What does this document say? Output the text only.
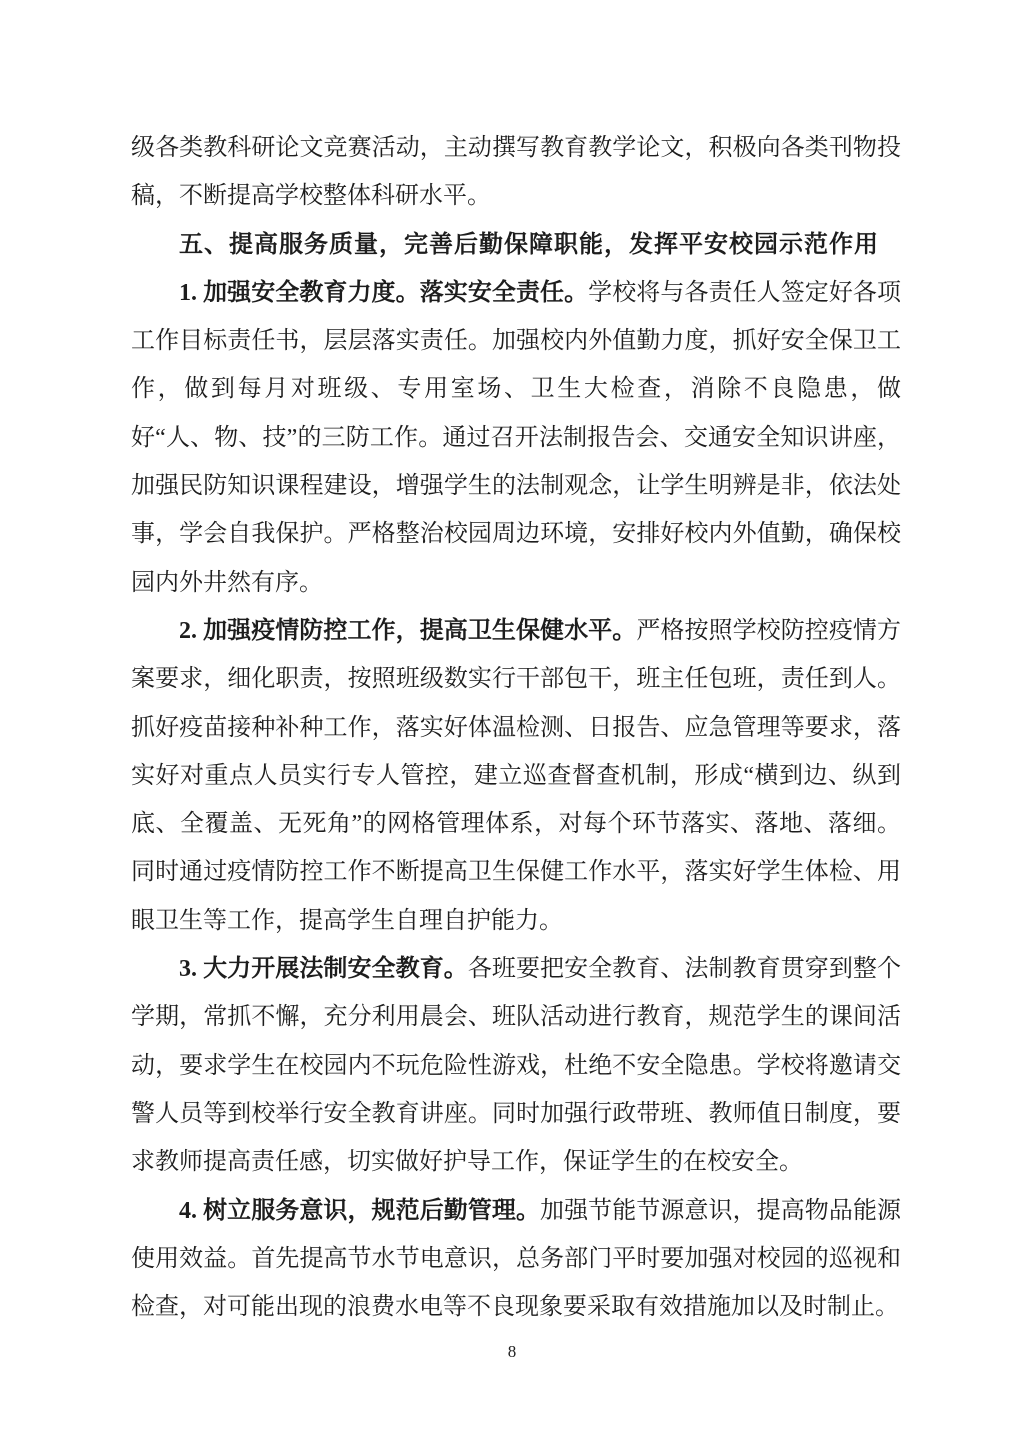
级各类教科研论文竞赛活动，主动撰写教育教学论文，积极向各类刊物投稿，不断提高学校整体科研水平。

五、提高服务质量，完善后勤保障职能，发挥平安校园示范作用

1. 加强安全教育力度。落实安全责任。学校将与各责任人签定好各项工作目标责任书，层层落实责任。加强校内外值勤力度，抓好安全保卫工作，做到每月对班级、专用室场、卫生大检查，消除不良隐患，做好“人、物、技”的三防工作。通过召开法制报告会、交通安全知识讲座，加强民防知识课程建设，增强学生的法制观念，让学生明辨是非，依法处事，学会自我保护。严格整治校园周边环境，安排好校内外值勤，确保校园内外井然有序。

2. 加强疫情防控工作，提高卫生保健水平。严格按照学校防控疫情方案要求，细化职责，按照班级数实行干部包干，班主任包班，责任到人。抓好疫苗接种补种工作，落实好体温检测、日报告、应急管理等要求，落实好对重点人员实行专人管控，建立巡查督查机制，形成“横到边、纵到底、全覆盖、无死角”的网格管理体系，对每个环节落实、落地、落细。同时通过疫情防控工作不断提高卫生保健工作水平，落实好学生体检、用眼卫生等工作，提高学生自理自护能力。

3. 大力开展法制安全教育。各班要把安全教育、法制教育贯穿到整个学期，常抓不懈，充分利用晨会、班队活动进行教育，规范学生的课间活动，要求学生在校园内不玩危险性游戏，杜绝不安全隐患。学校将邀请交警人员等到校举行安全教育讲座。同时加强行政带班、教师值日制度，要求教师提高责任感，切实做好护导工作，保证学生的在校安全。

4. 树立服务意识，规范后勤管理。加强节能节源意识，提高物品能源使用效益。首先提高节水节电意识，总务部门平时要加强对校园的巡视和检查，对可能出现的浪费水电等不良现象要采取有效措施加以及时制止。

8
